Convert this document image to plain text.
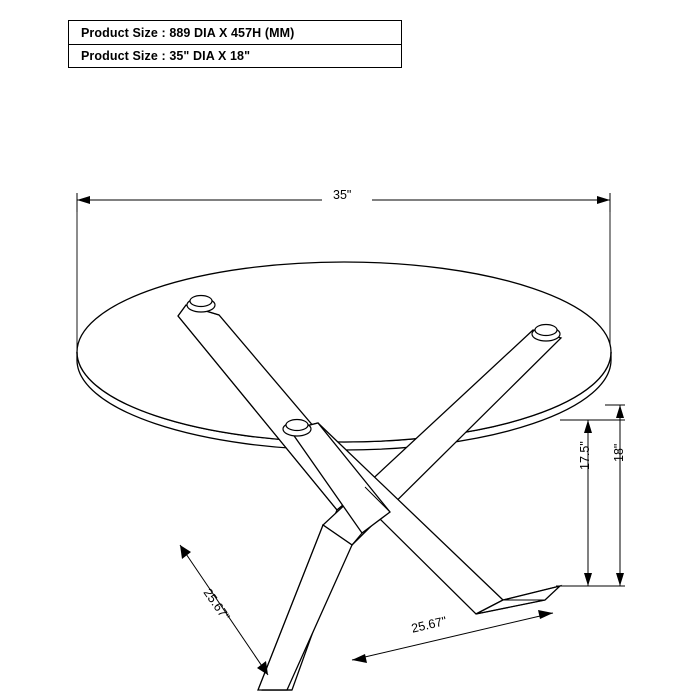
Product Size : 889 DIA X 457H (MM)
Product Size : 35" DIA X 18"
35"
17.5" 18"
25.67"
25.67"
